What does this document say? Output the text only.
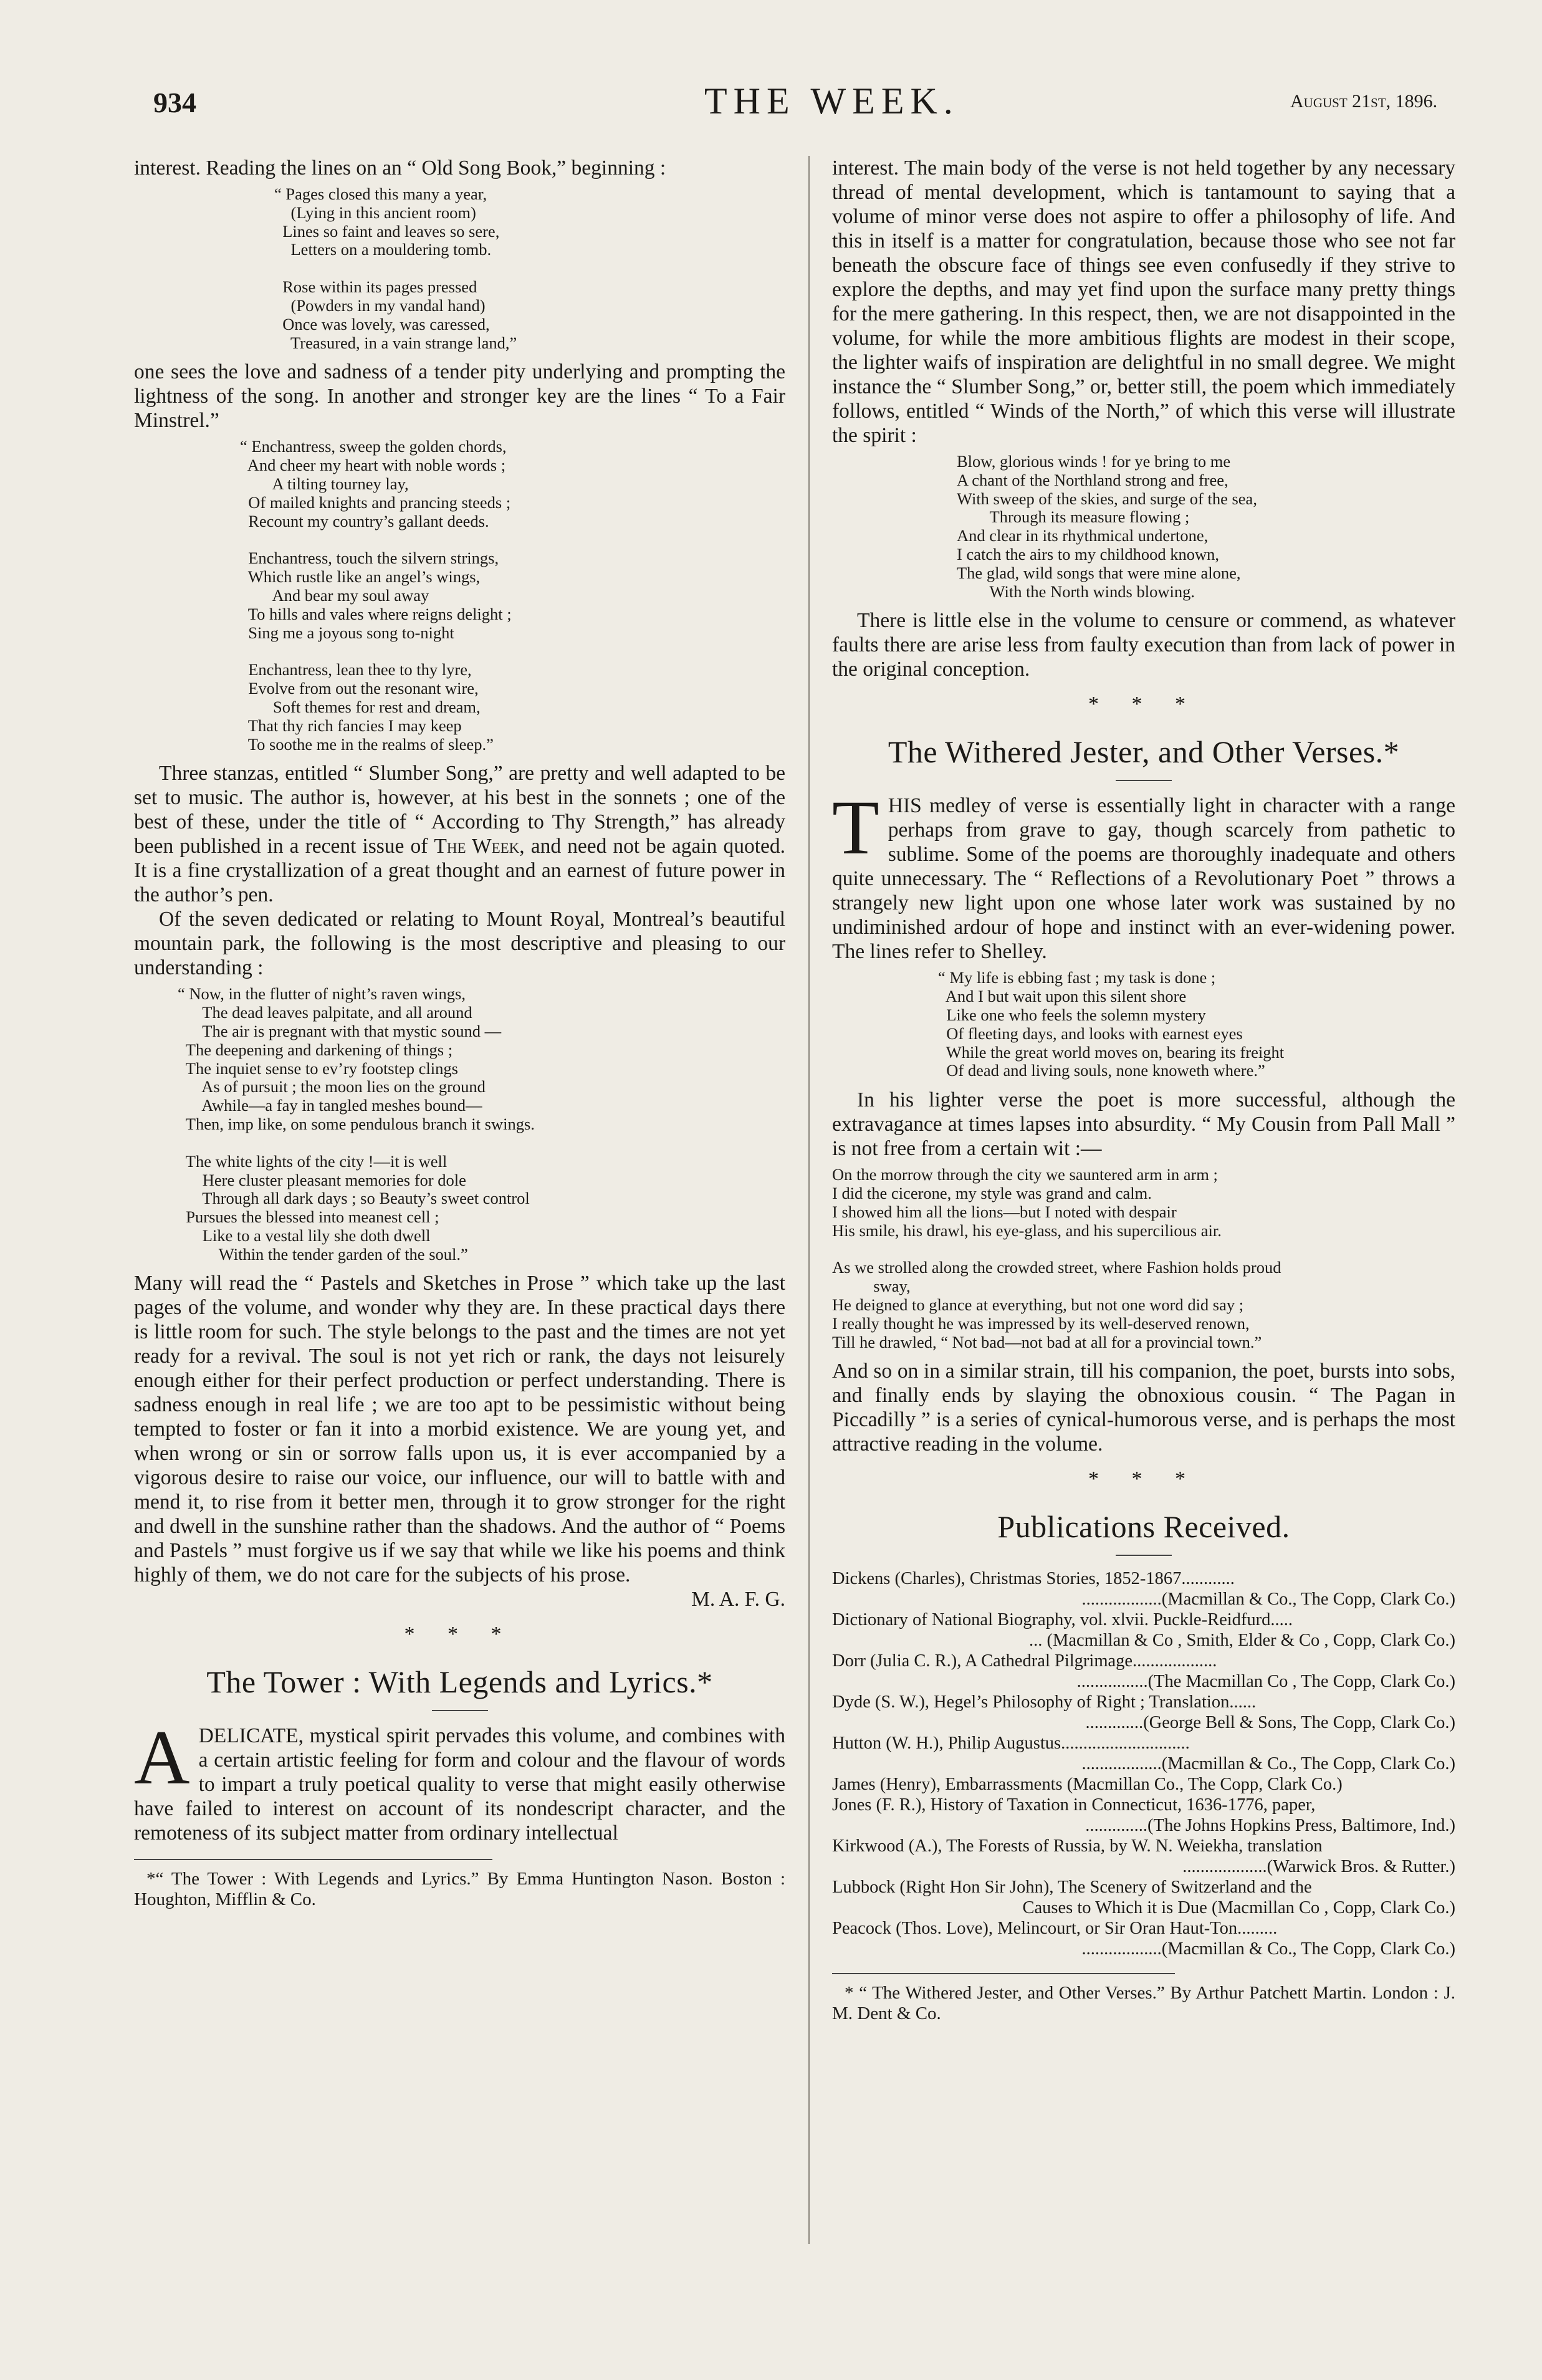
934	THE WEEK.	August 21st, 1896.

interest. Reading the lines on an “ Old Song Book,” beginning :

“ Pages closed this many a year,
(Lying in this ancient room)
Lines so faint and leaves so sere,
Letters on a mouldering tomb.
Rose within its pages pressed
(Powders in my vandal hand)
Once was lovely, was caressed,
Treasured, in a vain strange land,”

one sees the love and sadness of a tender pity underlying and prompting the lightness of the song. In another and stronger key are the lines “ To a Fair Minstrel.”

“ Enchantress, sweep the golden chords,
And cheer my heart with noble words ;
A tilting tourney lay,
Of mailed knights and prancing steeds ;
Recount my country’s gallant deeds.
Enchantress, touch the silvern strings,
Which rustle like an angel’s wings,
And bear my soul away
To hills and vales where reigns delight ;
Sing me a joyous song to-night
Enchantress, lean thee to thy lyre,
Evolve from out the resonant wire,
Soft themes for rest and dream,
That thy rich fancies I may keep
To soothe me in the realms of sleep.”

Three stanzas, entitled “ Slumber Song,” are pretty and well adapted to be set to music. The author is, however, at his best in the sonnets ; one of the best of these, under the title of “ According to Thy Strength,” has already been published in a recent issue of The Week, and need not be again quoted. It is a fine crystallization of a great thought and an earnest of future power in the author’s pen.

Of the seven dedicated or relating to Mount Royal, Montreal’s beautiful mountain park, the following is the most descriptive and pleasing to our understanding :

“ Now, in the flutter of night’s raven wings,
The dead leaves palpitate, and all around
The air is pregnant with that mystic sound —
The deepening and darkening of things ;
The inquiet sense to ev’ry footstep clings
As of pursuit ; the moon lies on the ground
Awhile—a fay in tangled meshes bound—
Then, imp like, on some pendulous branch it swings.
The white lights of the city !—it is well
Here cluster pleasant memories for dole
Through all dark days ; so Beauty’s sweet control
Pursues the blessed into meanest cell ;
Like to a vestal lily she doth dwell
Within the tender garden of the soul.”

Many will read the “ Pastels and Sketches in Prose ” which take up the last pages of the volume, and wonder why they are. In these practical days there is little room for such. The style belongs to the past and the times are not yet ready for a revival. The soul is not yet rich or rank, the days not leisurely enough either for their perfect production or perfect understanding. There is sadness enough in real life ; we are too apt to be pessimistic without being tempted to foster or fan it into a morbid existence. We are young yet, and when wrong or sin or sorrow falls upon us, it is ever accompanied by a vigorous desire to raise our voice, our influence, our will to battle with and mend it, to rise from it better men, through it to grow stronger for the right and dwell in the sunshine rather than the shadows. And the author of “ Poems and Pastels ” must forgive us if we say that while we like his poems and think highly of them, we do not care for the subjects of his prose.

M. A. F. G.
* * *
The Tower : With Legends and Lyrics.*

ADELICATE, mystical spirit pervades this volume, and combines with a certain artistic feeling for form and colour and the flavour of words to impart a truly poetical quality to verse that might easily otherwise have failed to interest on account of its nondescript character, and the remoteness of its subject matter from ordinary intellectual

*“ The Tower : With Legends and Lyrics.” By Emma Huntington Nason. Boston : Houghton, Mifflin & Co.

interest. The main body of the verse is not held together by any necessary thread of mental development, which is tantamount to saying that a volume of minor verse does not aspire to offer a philosophy of life. And this in itself is a matter for congratulation, because those who see not far beneath the obscure face of things see even confusedly if they strive to explore the depths, and may yet find upon the surface many pretty things for the mere gathering. In this respect, then, we are not disappointed in the volume, for while the more ambitious flights are modest in their scope, the lighter waifs of inspiration are delightful in no small degree. We might instance the “ Slumber Song,” or, better still, the poem which immediately follows, entitled “ Winds of the North,” of which this verse will illustrate the spirit :

Blow, glorious winds ! for ye bring to me
A chant of the Northland strong and free,
With sweep of the skies, and surge of the sea,
Through its measure flowing ;
And clear in its rhythmical undertone,
I catch the airs to my childhood known,
The glad, wild songs that were mine alone,
With the North winds blowing.

There is little else in the volume to censure or commend, as whatever faults there are arise less from faulty execution than from lack of power in the original conception.

* * *
The Withered Jester, and Other Verses.*

THIS medley of verse is essentially light in character with a range perhaps from grave to gay, though scarcely from pathetic to sublime. Some of the poems are thoroughly inadequate and others quite unnecessary. The “ Reflections of a Revolutionary Poet ” throws a strangely new light upon one whose later work was sustained by no undiminished ardour of hope and instinct with an ever-widening power. The lines refer to Shelley.

“ My life is ebbing fast ; my task is done ;
And I but wait upon this silent shore
Like one who feels the solemn mystery
Of fleeting days, and looks with earnest eyes
While the great world moves on, bearing its freight
Of dead and living souls, none knoweth where.”

In his lighter verse the poet is more successful, although the extravagance at times lapses into absurdity. “ My Cousin from Pall Mall ” is not free from a certain wit :—

On the morrow through the city we sauntered arm in arm ;
I did the cicerone, my style was grand and calm.
I showed him all the lions—but I noted with despair
His smile, his drawl, his eye-glass, and his supercilious air.
As we strolled along the crowded street, where Fashion holds proud
sway,
He deigned to glance at everything, but not one word did say ;
I really thought he was impressed by its well-deserved renown,
Till he drawled, “ Not bad—not bad at all for a provincial town.”

And so on in a similar strain, till his companion, the poet, bursts into sobs, and finally ends by slaying the obnoxious cousin. “ The Pagan in Piccadilly ” is a series of cynical-humorous verse, and is perhaps the most attractive reading in the volume.

* * *
Publications Received.
Dickens (Charles), Christmas Stories, 1852-1867............
..................(Macmillan & Co., The Copp, Clark Co.)
Dictionary of National Biography, vol. xlvii. Puckle-Reidfurd.....
... (Macmillan & Co , Smith, Elder & Co , Copp, Clark Co.)
Dorr (Julia C. R.), A Cathedral Pilgrimage...................
................(The Macmillan Co , The Copp, Clark Co.)
Dyde (S. W.), Hegel’s Philosophy of Right ; Translation......
.............(George Bell & Sons, The Copp, Clark Co.)
Hutton (W. H.), Philip Augustus.............................
..................(Macmillan & Co., The Copp, Clark Co.)
James (Henry), Embarrassments (Macmillan Co., The Copp, Clark Co.)
Jones (F. R.), History of Taxation in Connecticut, 1636-1776, paper,
..............(The Johns Hopkins Press, Baltimore, Ind.)
Kirkwood (A.), The Forests of Russia, by W. N. Weiekha, translation
...................(Warwick Bros. & Rutter.)
Lubbock (Right Hon Sir John), The Scenery of Switzerland and the
Causes to Which it is Due (Macmillan Co , Copp, Clark Co.)
Peacock (Thos. Love), Melincourt, or Sir Oran Haut-Ton.........
..................(Macmillan & Co., The Copp, Clark Co.)
* “ The Withered Jester, and Other Verses.” By Arthur Patchett Martin. London : J. M. Dent & Co.
